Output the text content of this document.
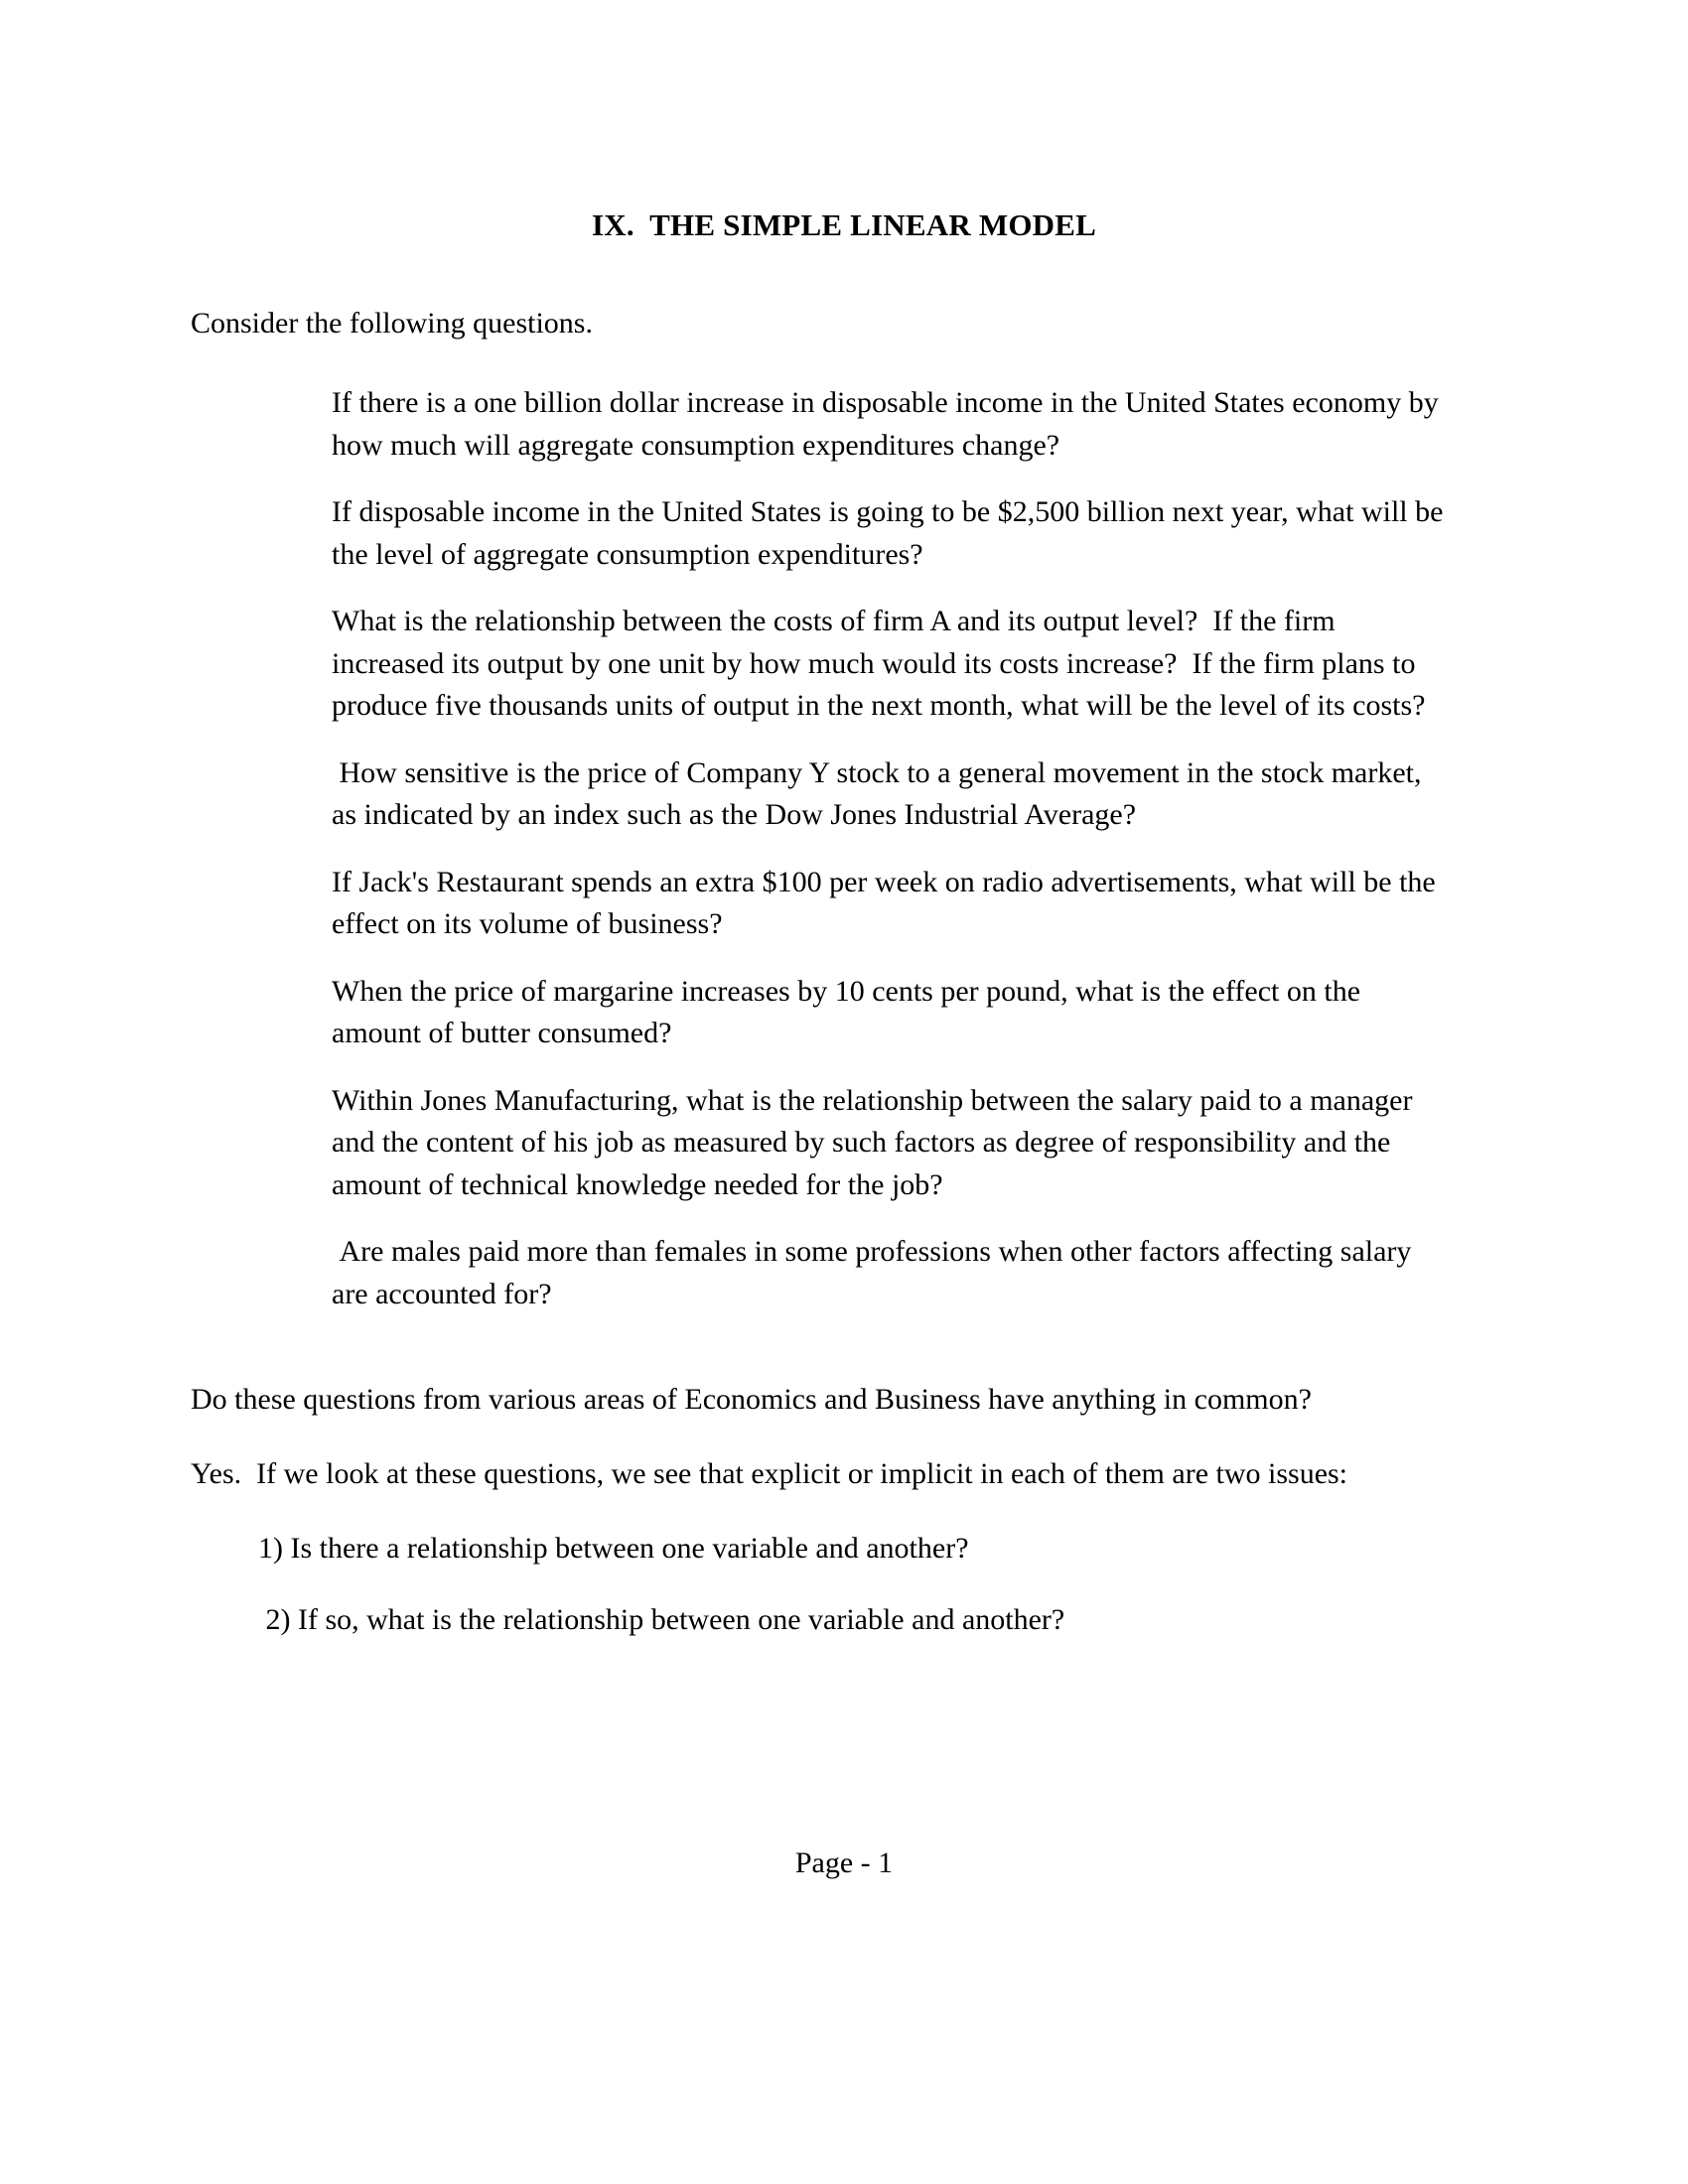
IX.  THE SIMPLE LINEAR MODEL

Consider the following questions.

If there is a one billion dollar increase in disposable income in the United States economy by how much will aggregate consumption expenditures change?
If disposable income in the United States is going to be $2,500 billion next year, what will be the level of aggregate consumption expenditures?
What is the relationship between the costs of firm A and its output level?  If the firm increased its output by one unit by how much would its costs increase?  If the firm plans to produce five thousands units of output in the next month, what will be the level of its costs?
How sensitive is the price of Company Y stock to a general movement in the stock market, as indicated by an index such as the Dow Jones Industrial Average?
If Jack's Restaurant spends an extra $100 per week on radio advertisements, what will be the effect on its volume of business?
When the price of margarine increases by 10 cents per pound, what is the effect on the amount of butter consumed?
Within Jones Manufacturing, what is the relationship between the salary paid to a manager and the content of his job as measured by such factors as degree of responsibility and the amount of technical knowledge needed for the job?
Are males paid more than females in some professions when other factors affecting salary are accounted for?

Do these questions from various areas of Economics and Business have anything in common?

Yes.  If we look at these questions, we see that explicit or implicit in each of them are two issues:

1) Is there a relationship between one variable and another?
2) If so, what is the relationship between one variable and another?
Page - 1
